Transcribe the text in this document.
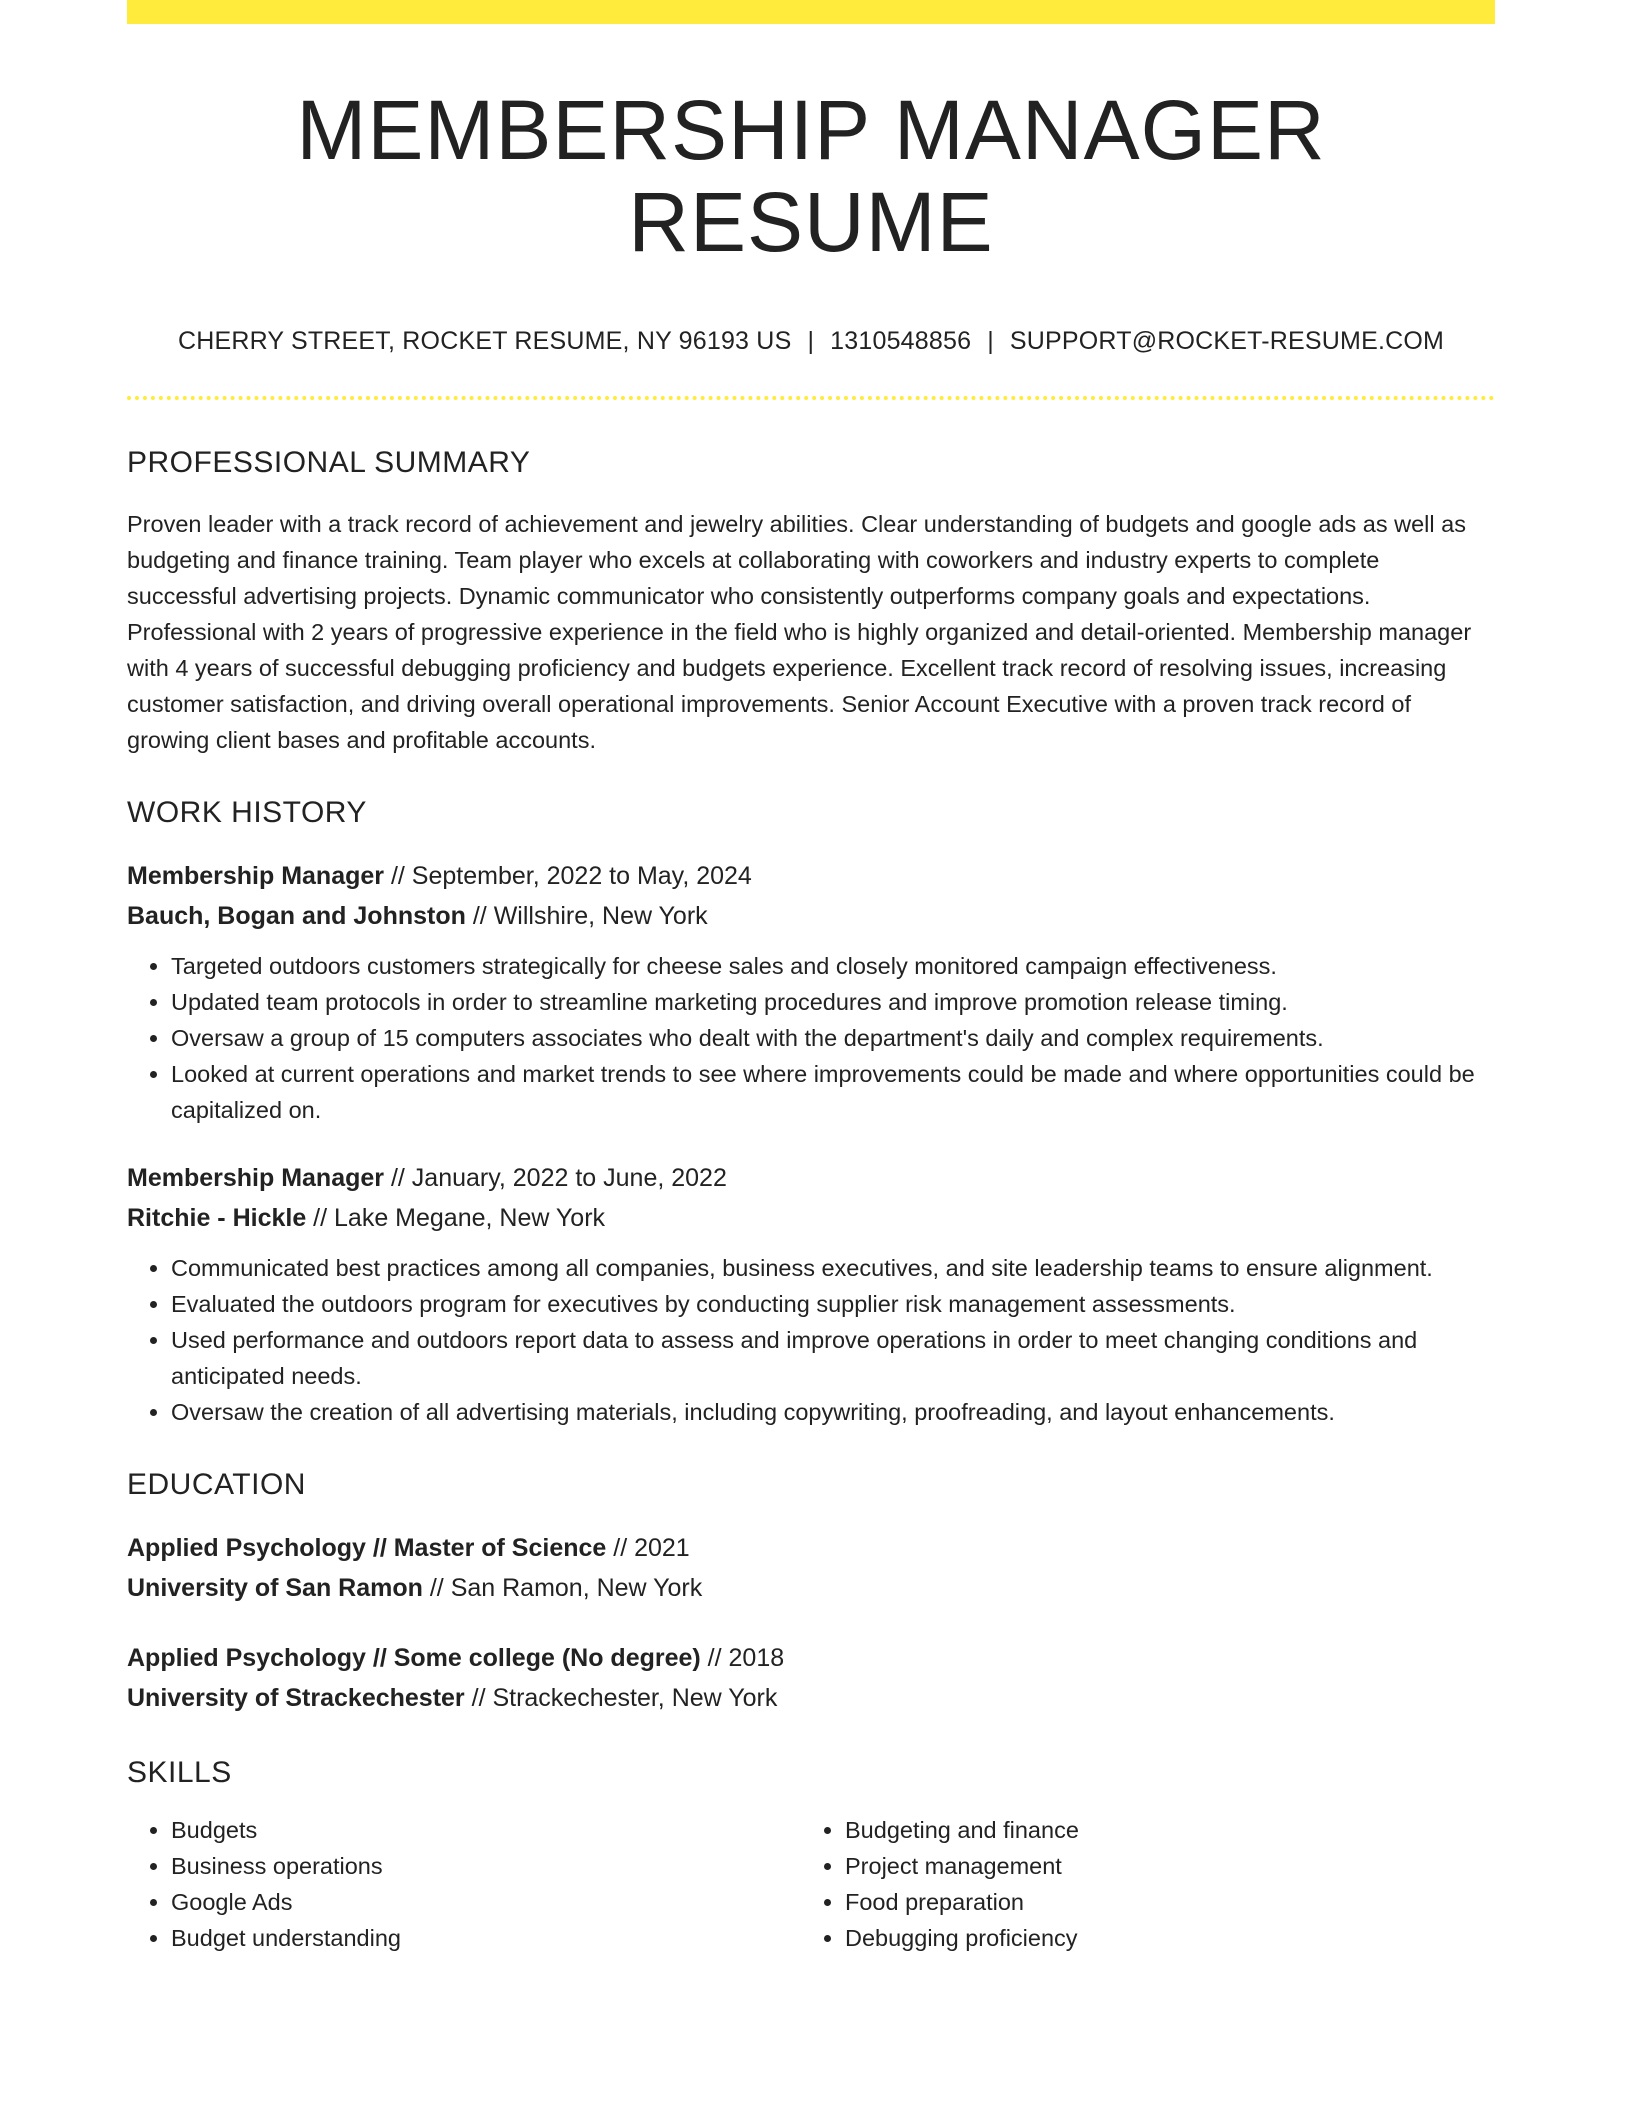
MEMBERSHIP MANAGER RESUME
CHERRY STREET, ROCKET RESUME, NY 96193 US | 1310548856 | SUPPORT@ROCKET-RESUME.COM
PROFESSIONAL SUMMARY

Proven leader with a track record of achievement and jewelry abilities. Clear understanding of budgets and google ads as well as budgeting and finance training. Team player who excels at collaborating with coworkers and industry experts to complete successful advertising projects. Dynamic communicator who consistently outperforms company goals and expectations. Professional with 2 years of progressive experience in the field who is highly organized and detail-oriented. Membership manager with 4 years of successful debugging proficiency and budgets experience. Excellent track record of resolving issues, increasing customer satisfaction, and driving overall operational improvements. Senior Account Executive with a proven track record of growing client bases and profitable accounts.

WORK HISTORY
Membership Manager // September, 2022 to May, 2024
Bauch, Bogan and Johnston // Willshire, New York
• Targeted outdoors customers strategically for cheese sales and closely monitored campaign effectiveness.
• Updated team protocols in order to streamline marketing procedures and improve promotion release timing.
• Oversaw a group of 15 computers associates who dealt with the department's daily and complex requirements.
• Looked at current operations and market trends to see where improvements could be made and where opportunities could be capitalized on.
Membership Manager // January, 2022 to June, 2022
Ritchie - Hickle // Lake Megane, New York
• Communicated best practices among all companies, business executives, and site leadership teams to ensure alignment.
• Evaluated the outdoors program for executives by conducting supplier risk management assessments.
• Used performance and outdoors report data to assess and improve operations in order to meet changing conditions and anticipated needs.
• Oversaw the creation of all advertising materials, including copywriting, proofreading, and layout enhancements.
EDUCATION
Applied Psychology // Master of Science // 2021
University of San Ramon // San Ramon, New York
Applied Psychology // Some college (No degree) // 2018
University of Strackechester // Strackechester, New York
SKILLS
• Budgets
• Business operations
• Google Ads
• Budget understanding
• Budgeting and finance
• Project management
• Food preparation
• Debugging proficiency
